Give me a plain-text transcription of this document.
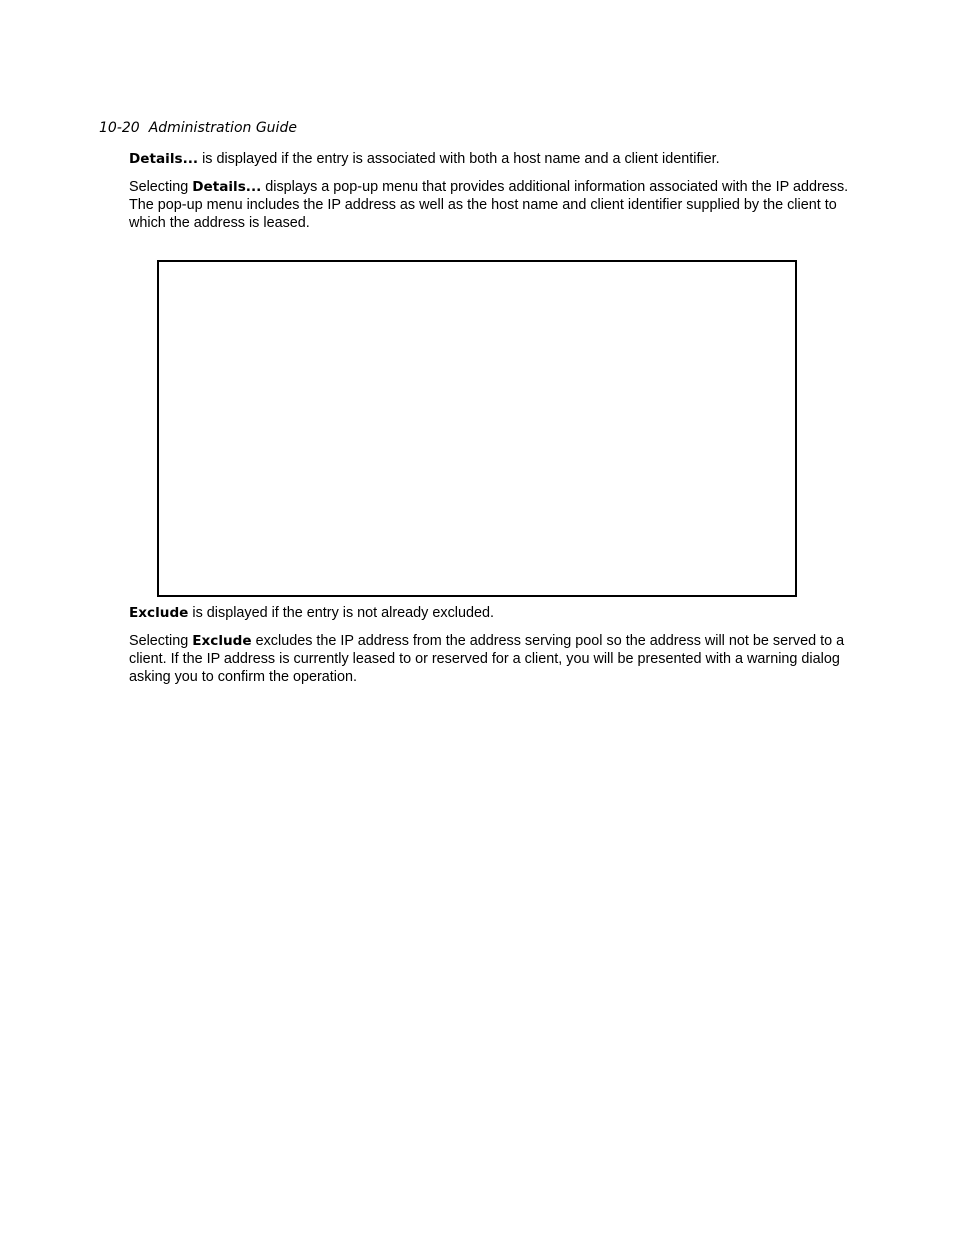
10-20 Administration Guide

Details... is displayed if the entry is associated with both a host name and a client identifier.

Selecting Details... displays a pop-up menu that provides additional information associated with the IP address. The pop-up menu includes the IP address as well as the host name and client identifier supplied by the client to which the address is leased.

Exclude is displayed if the entry is not already excluded.

Selecting Exclude excludes the IP address from the address serving pool so the address will not be served to a client. If the IP address is currently leased to or reserved for a client, you will be presented with a warning dialog asking you to confirm the operation.
